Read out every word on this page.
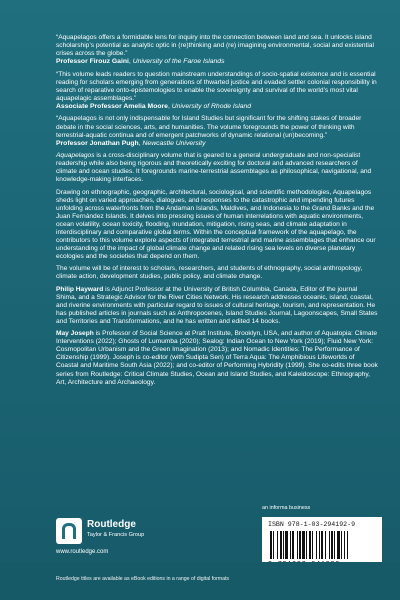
“Aquapelagos offers a formidable lens for inquiry into the connection between land and sea. It unlocks island scholarship’s potential as analytic optic in (re)thinking and (re) imagining environmental, social and existential crises across the globe.”
Professor Firouz Gaini, University of the Faroe Islands
“This volume leads readers to question mainstream understandings of socio-spatial existence and is essential reading for scholars emerging from generations of thwarted justice and evaded settler colonial responsibility in search of reparative onto-epistemologies to enable the sovereignty and survival of the world’s most vital aquapelagic assemblages.”
Associate Professor Amelia Moore, University of Rhode Island
“Aquapelagos is not only indispensable for Island Studies but significant for the shifting stakes of broader debate in the social sciences, arts, and humanities. The volume foregrounds the power of thinking with terrestrial-aquatic continua and of emergent patchworks of dynamic relational (un)becoming.”
Professor Jonathan Pugh, Newcastle University

Aquapelagos is a cross-disciplinary volume that is geared to a general undergraduate and non-specialist readership while also being rigorous and theoretically exciting for doctoral and advanced researchers of climate and ocean studies. It foregrounds marine-terrestrial assemblages as philosophical, navigational, and knowledge-making interfaces.

Drawing on ethnographic, geographic, architectural, sociological, and scientific methodologies, Aquapelagos sheds light on varied approaches, dialogues, and responses to the catastrophic and impending futures unfolding across waterfronts from the Andaman Islands, Maldives, and Indonesia to the Grand Banks and the Juan Fernández Islands. It delves into pressing issues of human interrelations with aquatic environments, ocean volatility, ocean toxicity, flooding, inundation, mitigation, rising seas, and climate adaptation in interdisciplinary and comparative global terms. Within the conceptual framework of the aquapelago, the contributors to this volume explore aspects of integrated terrestrial and marine assemblages that enhance our understanding of the impact of global climate change and related rising sea levels on diverse planetary ecologies and the societies that depend on them.

The volume will be of interest to scholars, researchers, and students of ethnography, social anthropology, climate action, development studies, public policy, and climate change.

Philip Hayward is Adjunct Professor at the University of British Columbia, Canada, Editor of the journal Shima, and a Strategic Advisor for the River Cities Network. His research addresses oceanic, island, coastal, and riverine environments with particular regard to issues of cultural heritage, tourism, and representation. He has published articles in journals such as Anthropocenes, Island Studies Journal, Lagoonscapes, Small States and Territories and Transformations, and he has written and edited 14 books.

May Joseph is Professor of Social Science at Pratt Institute, Brooklyn, USA, and author of Aquatopia: Climate Interventions (2022); Ghosts of Lumumba (2020); Sealog: Indian Ocean to New York (2019); Fluid New York: Cosmopolitan Urbanism and the Green Imagination (2013); and Nomadic Identities: The Performance of Citizenship (1999). Joseph is co-editor (with Sudipta Sen) of Terra Aqua: The Amphibious Lifeworlds of Coastal and Maritime South Asia (2022); and co-editor of Performing Hybridity (1999). She co-edits three book series from Routledge: Critical Climate Studies, Ocean and Island Studies, and Kaleidoscope: Ethnography, Art, Architecture and Archaeology.

Routledge
Taylor & Francis Group
www.routledge.com
an informa business
ISBN 978-1-03-294192-9
Routledge titles are available as eBook editions in a range of digital formats
